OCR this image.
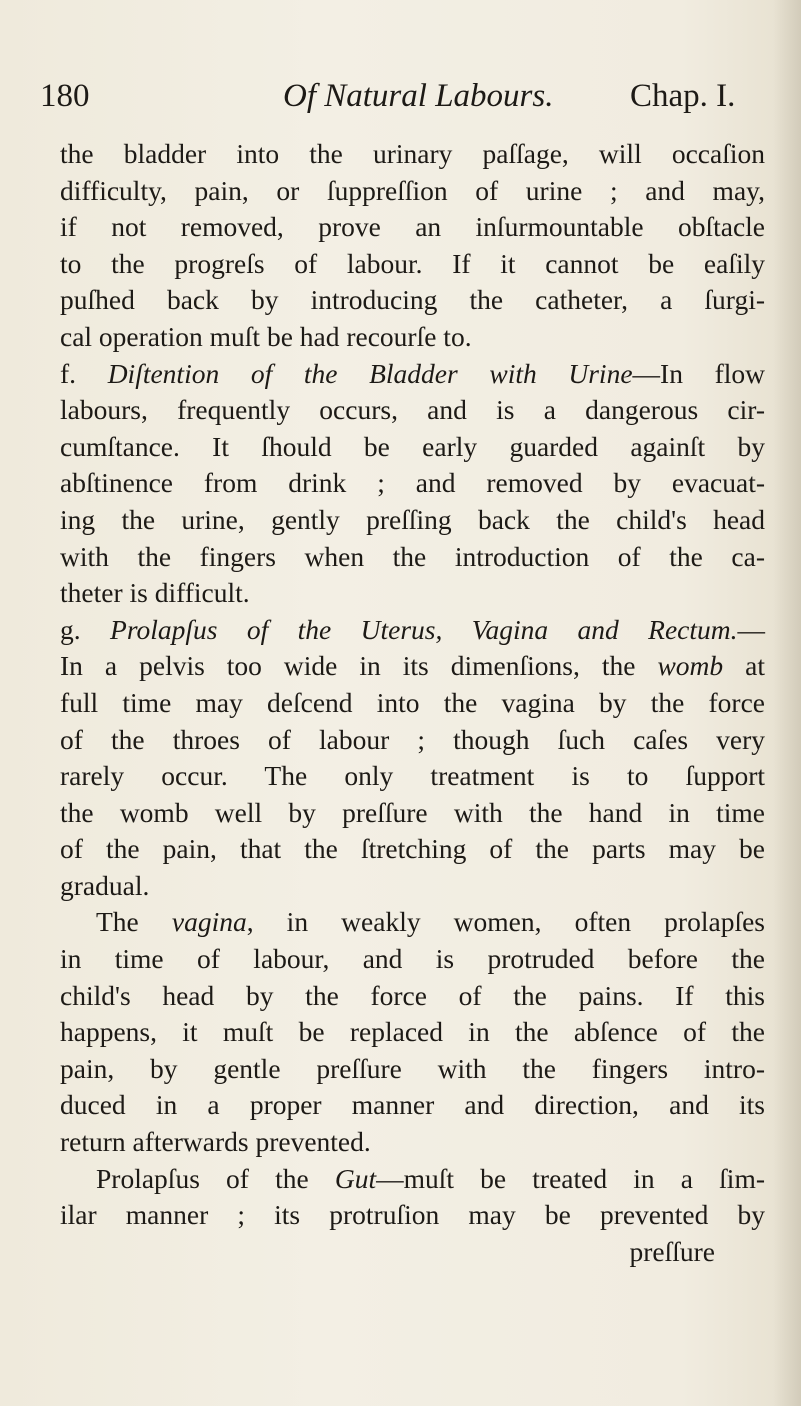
180	Of Natural Labours. Chap. I.
the bladder into the urinary paſſage, will occaſion
difficulty, pain, or ſuppreſſion of urine ; and may,
if not removed, prove an inſurmountable obſtacle
to the progreſs of labour. If it cannot be eaſily
puſhed back by introducing the catheter, a ſurgi-
cal operation muſt be had recourſe to.
f. Diſtention of the Bladder with Urine—In flow
labours, frequently occurs, and is a dangerous cir-
cumſtance. It ſhould be early guarded againſt by
abſtinence from drink ; and removed by evacuat-
ing the urine, gently preſſing back the child's head
with the fingers when the introduction of the ca-
theter is difficult.
g. Prolapſus of the Uterus, Vagina and Rectum.—
In a pelvis too wide in its dimenſions, the womb at
full time may deſcend into the vagina by the force
of the throes of labour ; though ſuch caſes very
rarely occur. The only treatment is to ſupport
the womb well by preſſure with the hand in time
of the pain, that the ſtretching of the parts may be
gradual.
The vagina, in weakly women, often prolapſes
in time of labour, and is protruded before the
child's head by the force of the pains. If this
happens, it muſt be replaced in the abſence of the
pain, by gentle preſſure with the fingers intro-
duced in a proper manner and direction, and its
return afterwards prevented.
Prolapſus of the Gut—muſt be treated in a ſim-
ilar manner ; its protruſion may be prevented by
preſſure
